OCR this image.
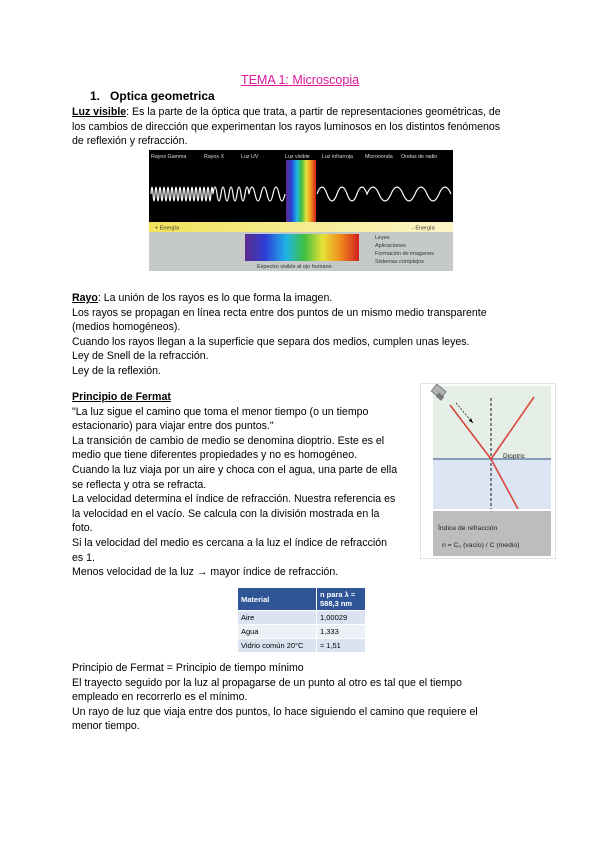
TEMA 1: Microscopia
1. Optica geometrica
Luz visible: Es la parte de la óptica que trata, a partir de representaciones geométricas, de
los cambios de dirección que experimentan los rayos luminosos en los distintos fenómenos
de reflexión y refracción.
Rayos Gamma	Rayos X	Luz UV	Luz visible Luz infrarroja Microoonda Ondas de radio
+ Energía	- Energía
Espectro visible al ojo humano
Leyes
Aplicaciones
Formación de imagenes
Sistemas complejos
Rayo: La unión de los rayos es lo que forma la imagen.
Los rayos se propagan en línea recta entre dos puntos de un mismo medio transparente
(medios homogéneos).
Cuando los rayos llegan a la superficie que separa dos medios, cumplen unas leyes.
Ley de Snell de la refracción.
Ley de la reflexión.
Principio de Fermat
"La luz sigue el camino que toma el menor tiempo (o un tiempo
estacionario) para viajar entre dos puntos."
La transición de cambio de medio se denomina dioptrio. Este es el
medio que tiene diferentes propiedades y no es homogéneo.
Cuando la luz viaja por un aire y choca con el agua, una parte de ella
se reflecta y otra se refracta.
La velocidad determina el índice de refracción. Nuestra referencia es
la velocidad en el vacío. Se calcula con la división mostrada en la
foto.
Si la velocidad del medio es cercana a la luz el índice de refracción
es 1.
Menos velocidad de la luz → mayor índice de refracción.
Dioptric
Índice de refracción
n = C₀ (vacío) / C (medio)
Material	n para λ = 588,3 nm
Aire	1,00029
Agua	1,333
Vidrio común 20°C	≈ 1,51
Principio de Fermat = Principio de tiempo mínimo
El trayecto seguido por la luz al propagarse de un punto al otro es tal que el tiempo
empleado en recorrerlo es el mínimo.
Un rayo de luz que viaja entre dos puntos, lo hace siguiendo el camino que requiere el
menor tiempo.
